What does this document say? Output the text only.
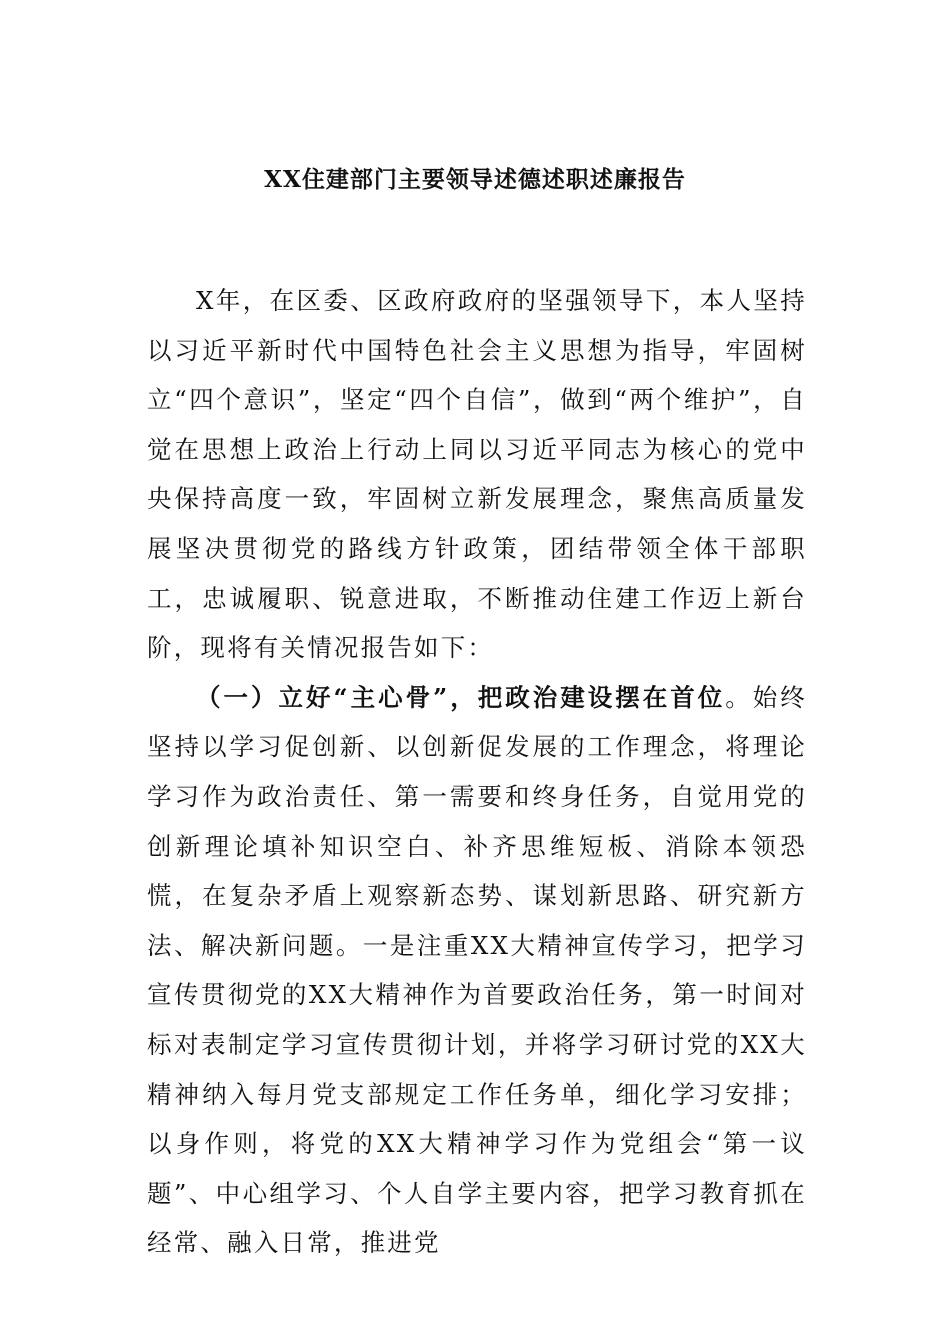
XX住建部门主要领导述德述职述廉报告

X年，在区委、区政府政府的坚强领导下，本人坚持以习近平新时代中国特色社会主义思想为指导，牢固树立“四个意识”，坚定“四个自信”，做到“两个维护”，自觉在思想上政治上行动上同以习近平同志为核心的党中央保持高度一致，牢固树立新发展理念，聚焦高质量发展坚决贯彻党的路线方针政策，团结带领全体干部职工，忠诚履职、锐意进取，不断推动住建工作迈上新台阶，现将有关情况报告如下：

（一）立好“主心骨”，把政治建设摆在首位。始终坚持以学习促创新、以创新促发展的工作理念，将理论学习作为政治责任、第一需要和终身任务，自觉用党的创新理论填补知识空白、补齐思维短板、消除本领恐慌，在复杂矛盾上观察新态势、谋划新思路、研究新方法、解决新问题。一是注重XX大精神宣传学习，把学习宣传贯彻党的XX大精神作为首要政治任务，第一时间对标对表制定学习宣传贯彻计划，并将学习研讨党的XX大精神纳入每月党支部规定工作任务单，细化学习安排；以身作则，将党的XX大精神学习作为党组会“第一议题”、中心组学习、个人自学主要内容，把学习教育抓在经常、融入日常，推进党
